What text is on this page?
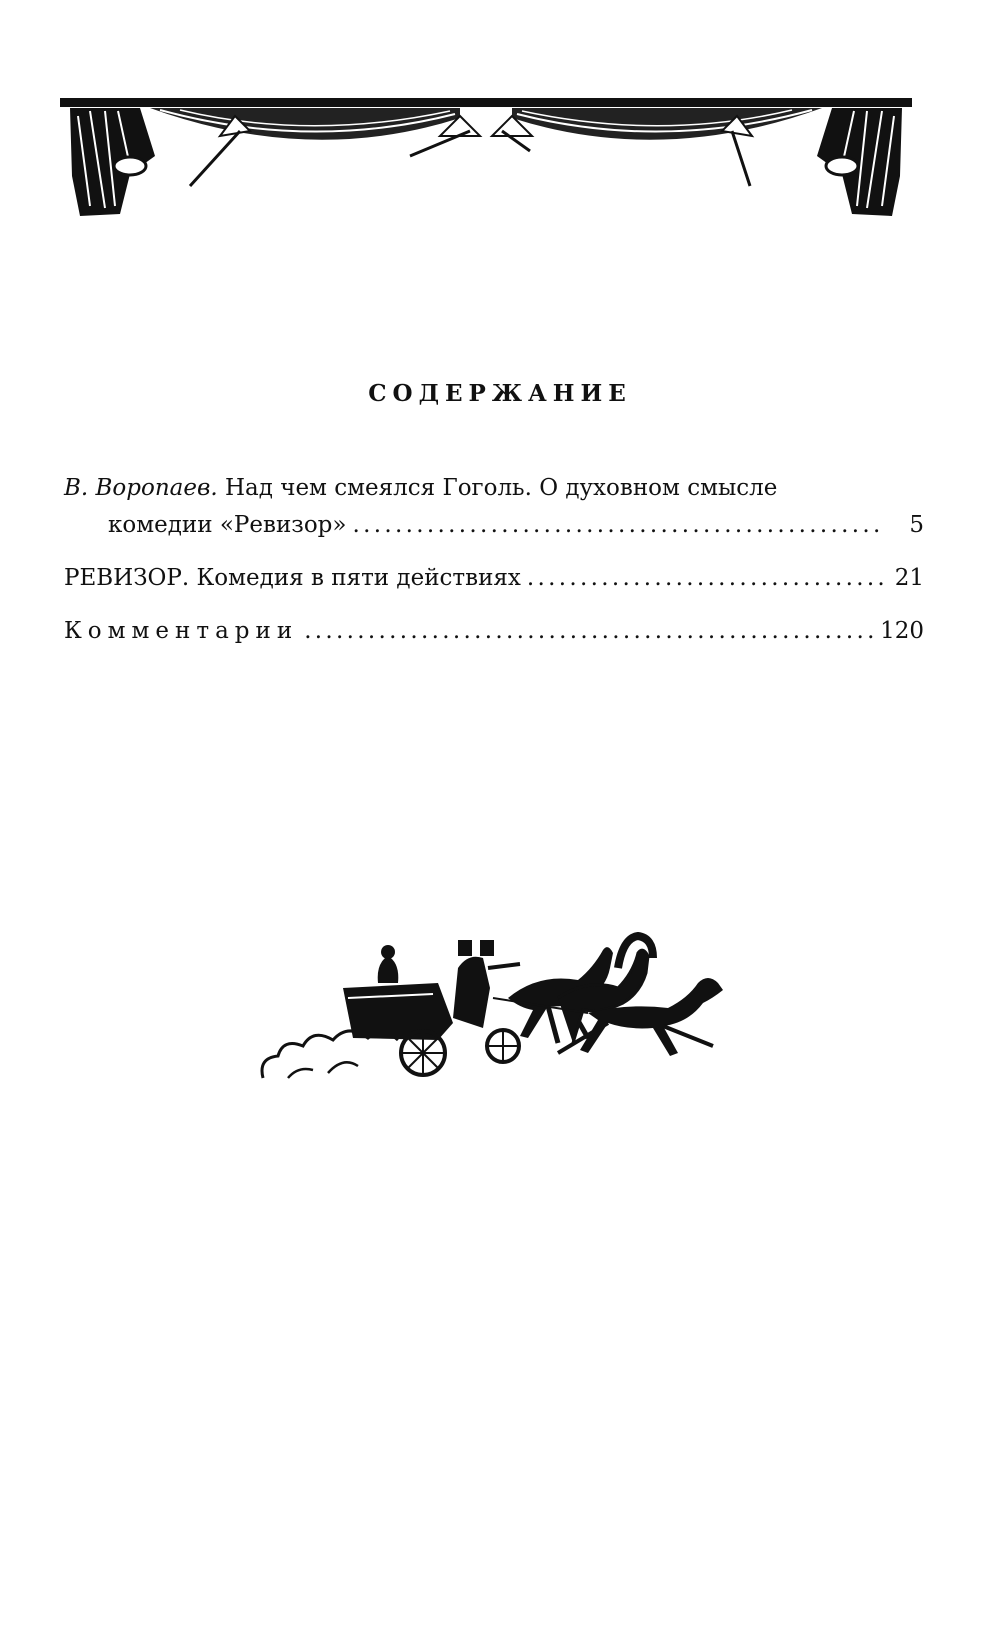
СОДЕРЖАНИЕ
В. Воропаев. Над чем смеялся Гоголь. О духовном смысле
комедии «Ревизор» . . .	5
РЕВИЗОР. Комедия в пяти действиях . . .	21
Комментарии . . .	120
